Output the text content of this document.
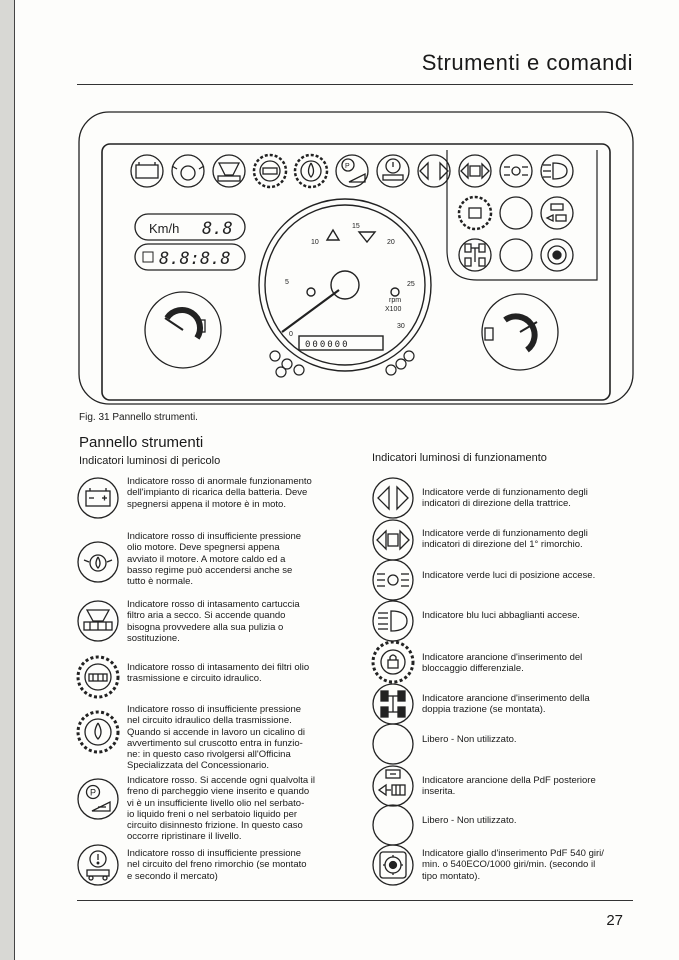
Strumenti e comandi
P
Km/h 8.8
8.8:8.8
0
5
10
15
20
25
30
rpm
X100
000000
Fig. 31 Pannello strumenti.
Pannello strumenti
Indicatori luminosi di pericolo	Indicatori luminosi di funzionamento
Indicatore rosso di anormale funzionamento
dell'impianto di ricarica della batteria. Deve
spegnersi appena il motore è in moto.
Indicatore rosso di insufficiente pressione
olio motore. Deve spegnersi appena
avviato il motore. A motore caldo ed a
basso regime può accendersi anche se
tutto è normale.
Indicatore rosso di intasamento cartuccia
filtro aria a secco. Si accende quando
bisogna provvedere alla sua pulizia o
sostituzione.
Indicatore rosso di intasamento dei filtri olio
trasmissione e circuito idraulico.
Indicatore rosso di insufficiente pressione
nel circuito idraulico della trasmissione.
Quando si accende in lavoro un cicalino di
avvertimento sul cruscotto entra in funzio-
ne: in questo caso rivolgersi all'Officina
Specializzata del Concessionario.
P
Indicatore rosso. Si accende ogni qualvolta il
freno di parcheggio viene inserito e quando
vi è un insufficiente livello olio nel serbato-
io liquido freni o nel serbatoio liquido per
circuito disinnesto frizione. In questo caso
occorre ripristinare il livello.
Indicatore rosso di insufficiente pressione
nel circuito del freno rimorchio (se montato
e secondo il mercato)
Indicatore verde di funzionamento degli
indicatori di direzione della trattrice.
Indicatore verde di funzionamento degli
indicatori di direzione del 1° rimorchio.
Indicatore verde luci di posizione accese.
Indicatore blu luci abbaglianti accese.
Indicatore arancione d'inserimento del
bloccaggio differenziale.
Indicatore arancione d'inserimento della
doppia trazione (se montata).
Libero - Non utilizzato.
Indicatore arancione della PdF posteriore
inserita.
Libero - Non utilizzato.
Indicatore giallo d'inserimento PdF 540 giri/
min. o 540ECO/1000 giri/min. (secondo il
tipo montato).
27
